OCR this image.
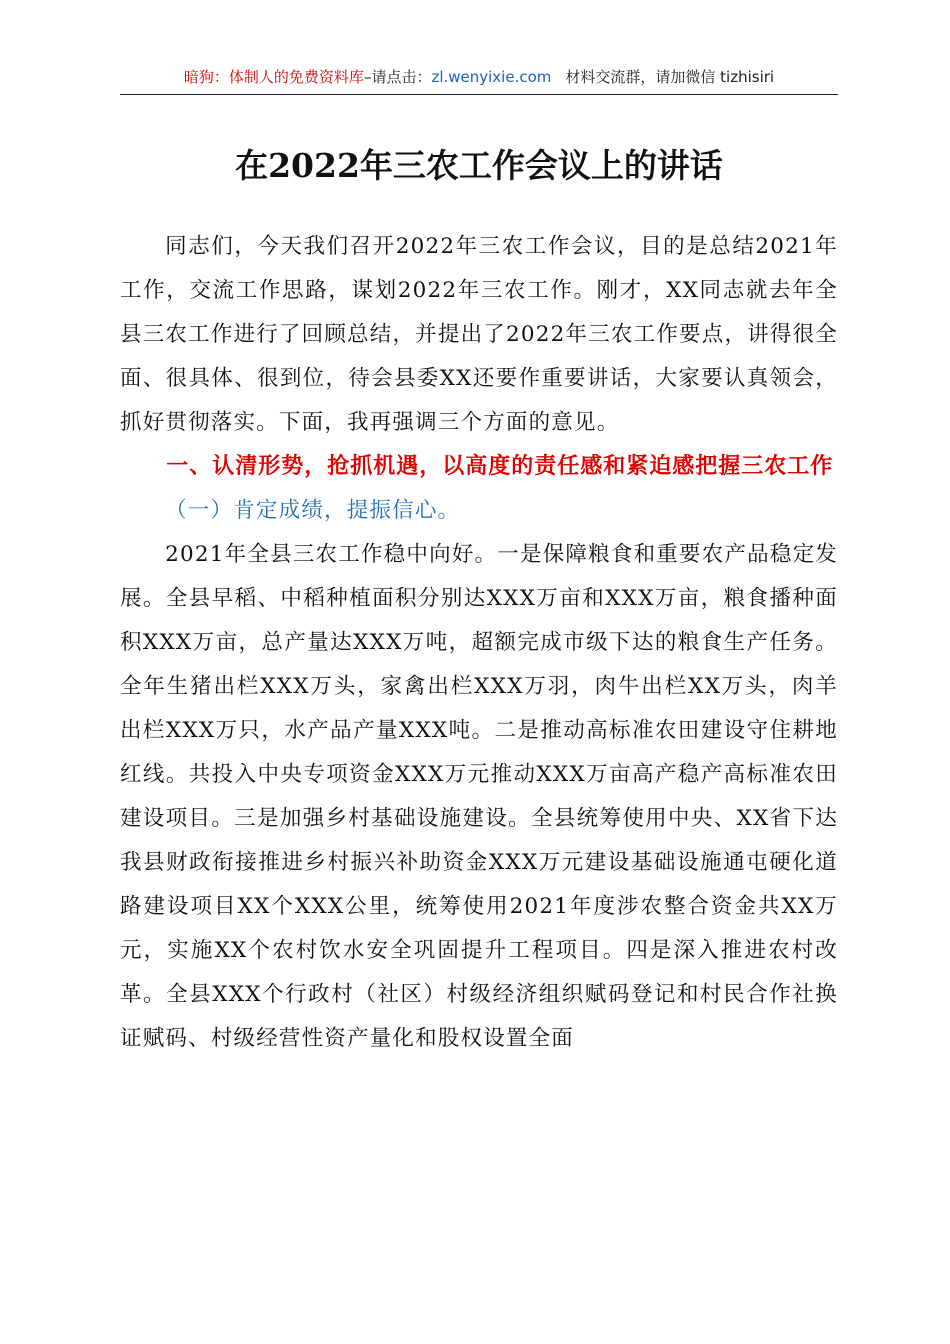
暗狗：体制人的免费资料库–请点击：zl.wenyixie.com 材料交流群，请加微信 tizhisiri
在2022年三农工作会议上的讲话

同志们，今天我们召开2022年三农工作会议，目的是总结2021年工作，交流工作思路，谋划2022年三农工作。刚才，XX同志就去年全县三农工作进行了回顾总结，并提出了2022年三农工作要点，讲得很全面、很具体、很到位，待会县委XX还要作重要讲话，大家要认真领会，抓好贯彻落实。下面，我再强调三个方面的意见。

一、认清形势，抢抓机遇，以高度的责任感和紧迫感把握三农工作

（一）肯定成绩，提振信心。

2021年全县三农工作稳中向好。一是保障粮食和重要农产品稳定发展。全县早稻、中稻种植面积分别达XXX万亩和XXX万亩，粮食播种面积XXX万亩，总产量达XXX万吨，超额完成市级下达的粮食生产任务。全年生猪出栏XXX万头，家禽出栏XXX万羽，肉牛出栏XX万头，肉羊出栏XXX万只，水产品产量XXX吨。二是推动高标准农田建设守住耕地红线。共投入中央专项资金XXX万元推动XXX万亩高产稳产高标准农田建设项目。三是加强乡村基础设施建设。全县统筹使用中央、XX省下达我县财政衔接推进乡村振兴补助资金XXX万元建设基础设施通屯硬化道路建设项目XX个XXX公里，统筹使用2021年度涉农整合资金共XX万元，实施XX个农村饮水安全巩固提升工程项目。四是深入推进农村改革。全县XXX个行政村（社区）村级经济组织赋码登记和村民合作社换证赋码、村级经营性资产量化和股权设置全面
